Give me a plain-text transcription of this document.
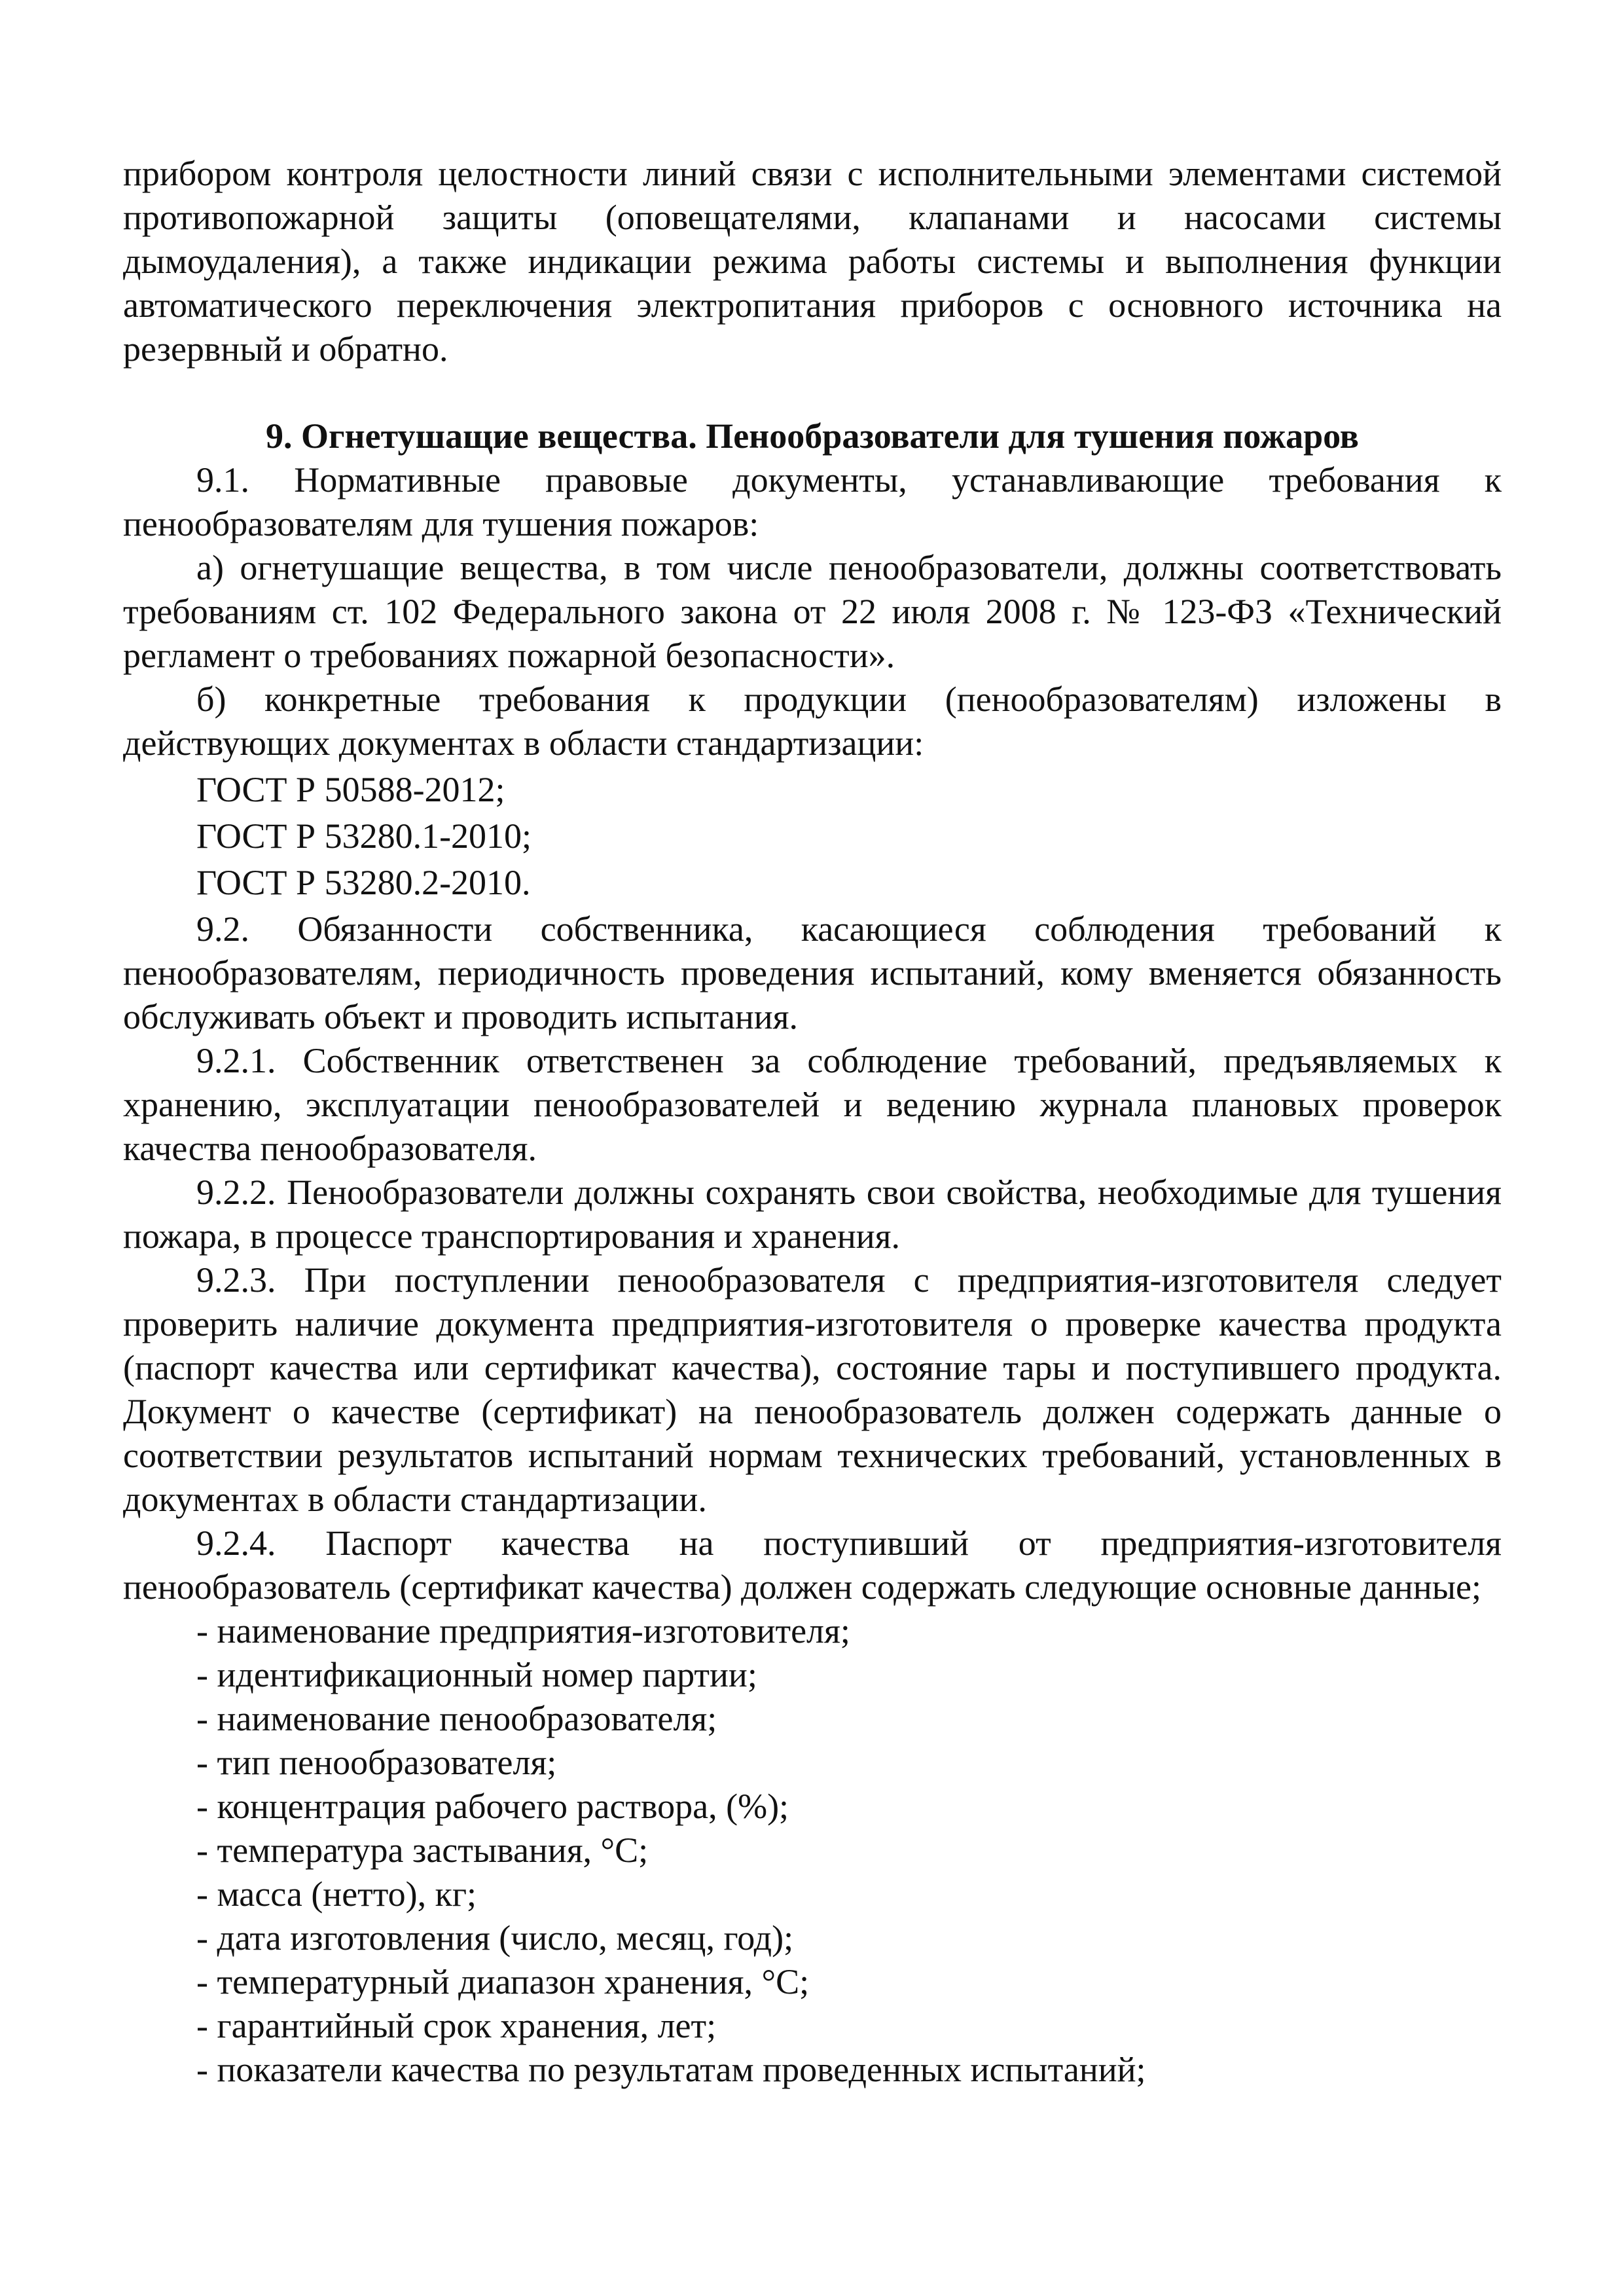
прибором контроля целостности линий связи с исполнительными элементами системой противопожарной защиты (оповещателями, клапанами и насосами системы дымоудаления), а также индикации режима работы системы и выполнения функции автоматического переключения электропитания приборов с основного источника на резервный и обратно.

9. Огнетушащие вещества. Пенообразователи для тушения пожаров

9.1. Нормативные правовые документы, устанавливающие требования к пенообразователям для тушения пожаров:

а) огнетушащие вещества, в том числе пенообразователи, должны соответствовать требованиям ст. 102 Федерального закона от 22 июля 2008 г. № 123-ФЗ «Технический регламент о требованиях пожарной безопасности».

б) конкретные требования к продукции (пенообразователям) изложены в действующих документах в области стандартизации:

ГОСТ Р 50588-2012;

ГОСТ Р 53280.1-2010;

ГОСТ Р 53280.2-2010.

9.2. Обязанности собственника, касающиеся соблюдения требований к пенообразователям, периодичность проведения испытаний, кому вменяется обязанность обслуживать объект и проводить испытания.

9.2.1. Собственник ответственен за соблюдение требований, предъявляемых к хранению, эксплуатации пенообразователей и ведению журнала плановых проверок качества пенообразователя.

9.2.2. Пенообразователи должны сохранять свои свойства, необходимые для тушения пожара, в процессе транспортирования и хранения.

9.2.3. При поступлении пенообразователя с предприятия-изготовителя следует проверить наличие документа предприятия-изготовителя о проверке качества продукта (паспорт качества или сертификат качества), состояние тары и поступившего продукта. Документ о качестве (сертификат) на пенообразователь должен содержать данные о соответствии результатов испытаний нормам технических требований, установленных в документах в области стандартизации.

9.2.4. Паспорт качества на поступивший от предприятия-изготовителя пенообразователь (сертификат качества) должен содержать следующие основные данные;

- наименование предприятия-изготовителя;

- идентификационный номер партии;

- наименование пенообразователя;

- тип пенообразователя;

- концентрация рабочего раствора, (%);

- температура застывания, °С;

- масса (нетто), кг;

- дата изготовления (число, месяц, год);

- температурный диапазон хранения, °С;

- гарантийный срок хранения, лет;

- показатели качества по результатам проведенных испытаний;
